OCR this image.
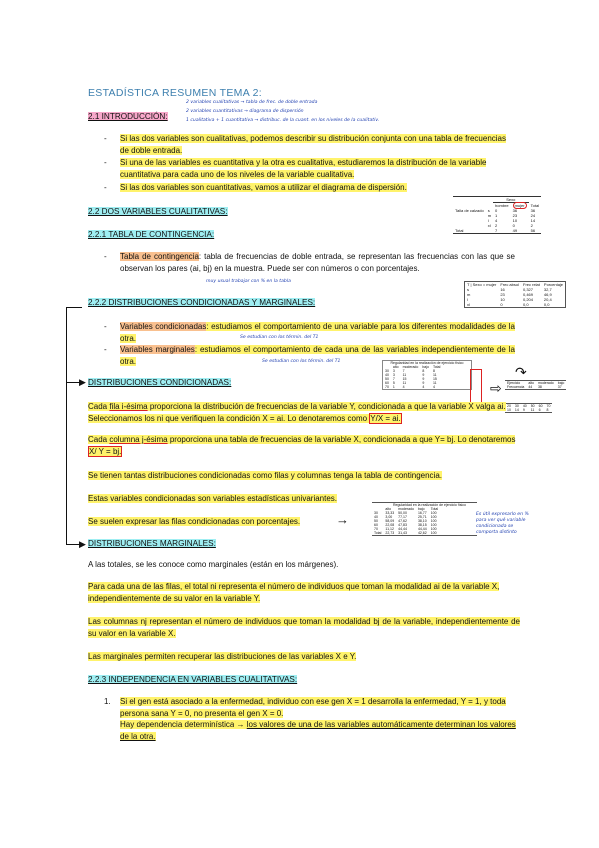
ESTADÍSTICA RESUMEN TEMA 2:
2.1 INTRODUCCIÓN:
2 variables cualitativas → tabla de frec. de doble entrada
2 variables cuantitativas → diagrama de dispersión
1 cualitativa + 1 cuantitativa → distribuc. de la cuant. en los niveles de la cualitativ.
- Si las dos variables son cualitativas, podemos describir su distribución conjunta con una tabla de frecuencias de doble entrada.
- Si una de las variables es cuantitativa y la otra es cualitativa, estudiaremos la distribución de la variable cuantitativa para cada uno de los niveles de la variable cualitativa.
- Si las dos variables son cuantitativas, vamos a utilizar el diagrama de dispersión.
2.2 DOS VARIABLES CUALITATIVAS:
		Sexo		
		hombre	mujer	Total
Talla de calzado	s	0	36	36
	m	1	23	24
	l	4	10	14
	xl	2	0	2
Total		7	49	56
2.2.1 TABLA DE CONTINGENCIA:
- Tabla de contingencia: tabla de frecuencias de doble entrada, se representan las frecuencias con las que se observan los pares (ai, bj) en la muestra. Puede ser con números o con porcentajes.
muy usual trabajar con % en la tabla
T | Sexo = mujer	Frec absol	Frec relat	Porcentaje
s	16	0,327	32,7
m	23	0,469	46,9
l	10	0,204	20,4
xl	0	0,0	0,0
2.2.2 DISTRIBUCIONES CONDICIONADAS Y MARGINALES:
- Variables condicionadas: estudiamos el comportamiento de una variable para los diferentes modalidades de la otra.	Se estudian con los términ. del T1
- Variables marginales: estudiamos el comportamiento de cada una de las variables independientemente de la otra.	Se estudian con los términ. del T1
▶
▶
Regularidad en la realización de ejercicio físico
	alto	moderado	bajo	Total
30	3	7	8	8
40	3	11	9	11
50	7	15	9	15
60	5	11	9	11
70	1	4	4	4	⇨
↷
Ejercicio	alto	moderado	bajo
Frecuencia	44	38	37
20	30	40	50	60	70
10	14	9	11	6	8
DISTRIBUCIONES CONDICIONADAS:
Cada fila i-ésima proporciona la distribución de frecuencias de la variable Y, condicionada a que la variable X valga ai. Seleccionamos los ni que verifiquen la condición X = ai. Lo denotaremos como Y/X = ai.
Cada columna j-ésima proporciona una tabla de frecuencias de la variable X, condicionada a que Y= bj. Lo denotaremos X/ Y = bj.
Se tienen tantas distribuciones condicionadas como filas y columnas tenga la tabla de contingencia.
Estas variables condicionadas son variables estadísticas univariantes.
Se suelen expresar las filas condicionadas con porcentajes.	→
Regularidad en la realización de ejercicio físico
	alto	moderado	bajo	Total
30	33,33	50,00	16,77	100
40	3,00	77,17	25,71	100
50	58,09	47,62	38,10	100
60	22,08	47,83	38,15	100
70	11,12	44,44	44,44	100
Total	22,73	31,43	42,62	100
Es útil expresarlo en % para ver qué variable condicionada se comporta distinto
DISTRIBUCIONES MARGINALES:
A las totales, se les conoce como marginales (están en los márgenes).
Para cada una de las filas, el total ni representa el número de individuos que toman la modalidad ai de la variable X, independientemente de su valor en la variable Y.
Las columnas nj representan el número de individuos que toman la modalidad bj de la variable, independientemente de su valor en la variable X.
Las marginales permiten recuperar las distribuciones de las variables X e Y.
2.2.3 INDEPENDENCIA EN VARIABLES CUALITATIVAS:
1. Si el gen está asociado a la enfermedad, individuo con ese gen X = 1 desarrolla la enfermedad, Y = 1, y toda persona sana Y = 0, no presenta el gen X = 0.
Hay dependencia determinística → los valores de una de las variables automáticamente determinan los valores de la otra.
